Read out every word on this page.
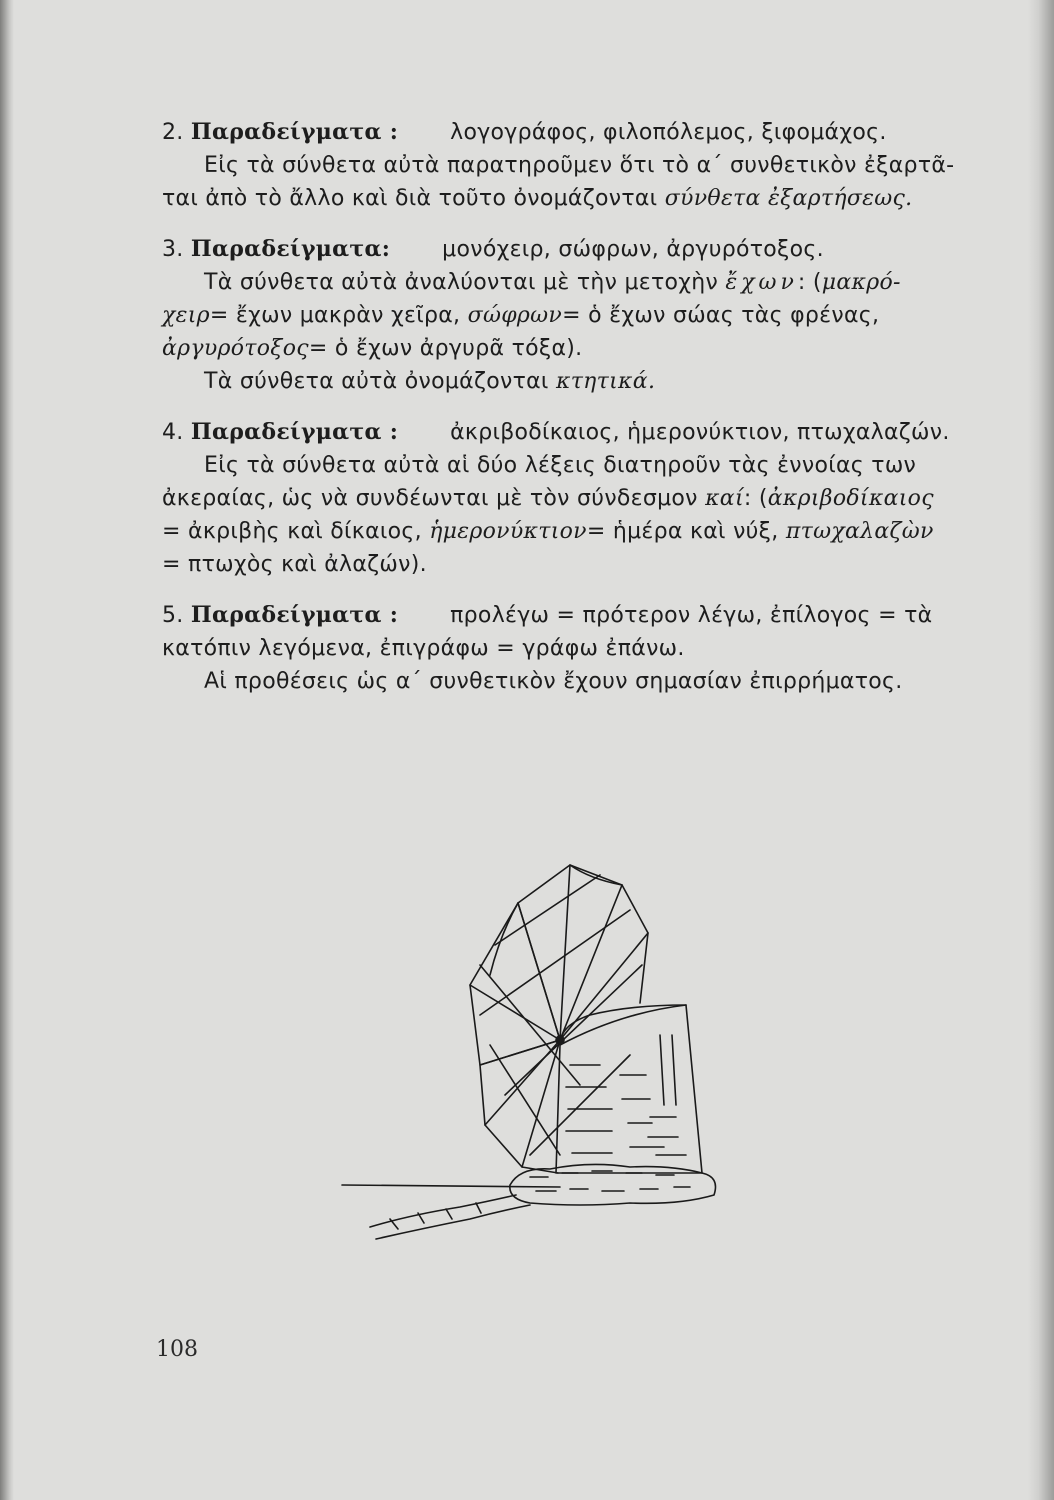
2. Παραδείγματα : λογογράφος, φιλοπόλεμος, ξιφομάχος.
Εἰς τὰ σύνθετα αὐτὰ παρατηροῦμεν ὅτι τὸ α΄ συνθετικὸν ἐξαρτᾶ-
ται ἀπὸ τὸ ἄλλο καὶ διὰ τοῦτο ὀνομάζονται σύνθετα ἐξαρτήσεως.
3. Παραδείγματα: μονόχειρ, σώφρων, ἀργυρότοξος.
Τὰ σύνθετα αὐτὰ ἀναλύονται μὲ τὴν μετοχὴν ἔχων: (μακρό-
χειρ= ἔχων μακρὰν χεῖρα, σώφρων= ὁ ἔχων σώας τὰς φρένας,
ἀργυρότοξος= ὁ ἔχων ἀργυρᾶ τόξα).
Τὰ σύνθετα αὐτὰ ὀνομάζονται κτητικά.
4. Παραδείγματα : ἀκριβοδίκαιος, ἡμερονύκτιον, πτωχαλαζών.
Εἰς τὰ σύνθετα αὐτὰ αἱ δύο λέξεις διατηροῦν τὰς ἐννοίας των
ἀκεραίας, ὡς νὰ συνδέωνται μὲ τὸν σύνδεσμον καί: (ἀκριβοδίκαιος
= ἀκριβὴς καὶ δίκαιος, ἡμερονύκτιον= ἡμέρα καὶ νύξ, πτωχαλαζὼν
= πτωχὸς καὶ ἀλαζών).
5. Παραδείγματα : προλέγω = πρότερον λέγω, ἐπίλογος = τὰ
κατόπιν λεγόμενα, ἐπιγράφω = γράφω ἐπάνω.
Αἱ προθέσεις ὡς α΄ συνθετικὸν ἔχουν σημασίαν ἐπιρρήματος.
108
